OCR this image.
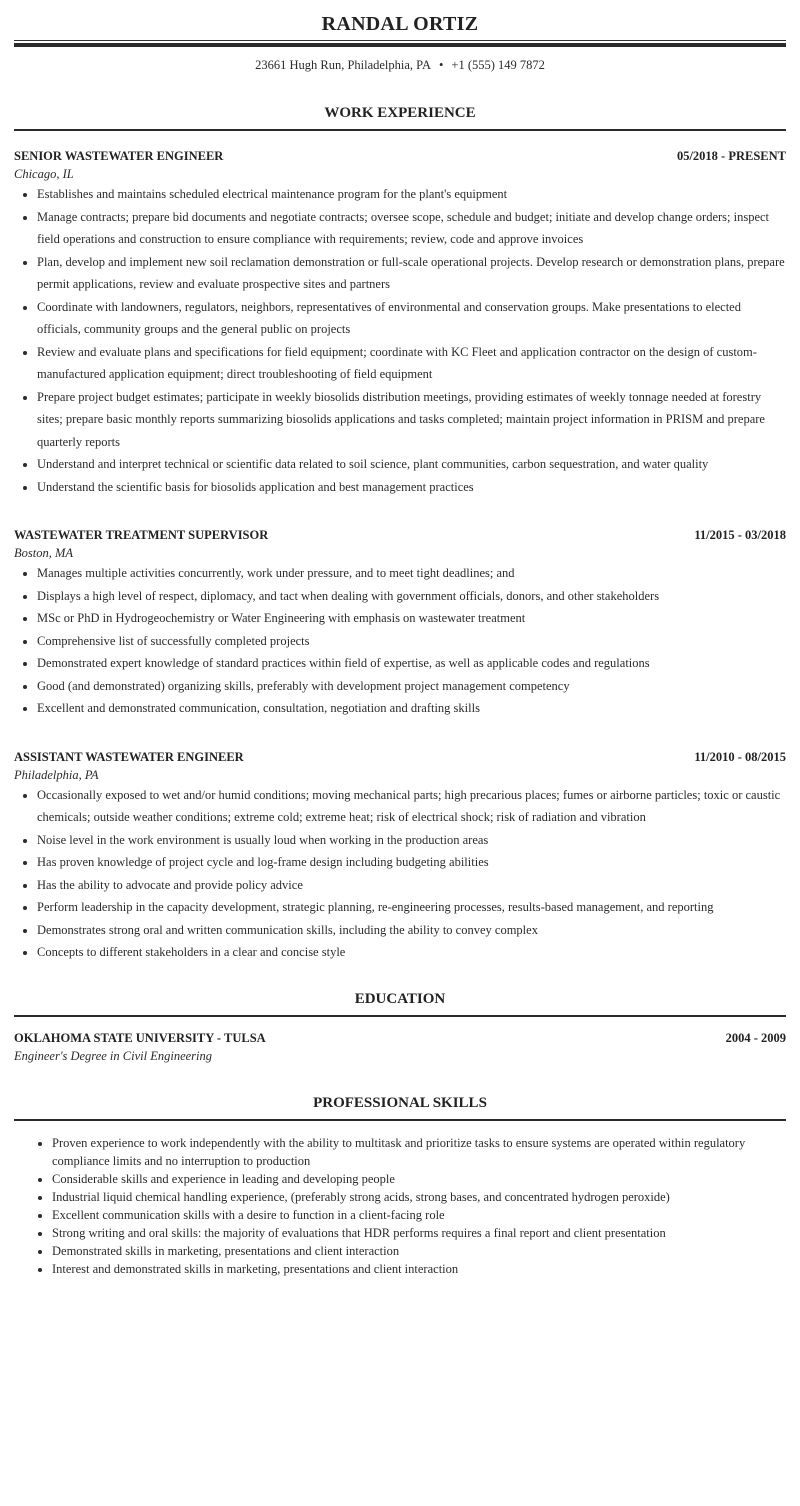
RANDAL ORTIZ
23661 Hugh Run, Philadelphia, PA • +1 (555) 149 7872
WORK EXPERIENCE
SENIOR WASTEWATER ENGINEER	05/2018 - PRESENT
Chicago, IL
• Establishes and maintains scheduled electrical maintenance program for the plant's equipment
• Manage contracts; prepare bid documents and negotiate contracts; oversee scope, schedule and budget; initiate and develop change orders; inspect field operations and construction to ensure compliance with requirements; review, code and approve invoices
• Plan, develop and implement new soil reclamation demonstration or full-scale operational projects. Develop research or demonstration plans, prepare permit applications, review and evaluate prospective sites and partners
• Coordinate with landowners, regulators, neighbors, representatives of environmental and conservation groups. Make presentations to elected officials, community groups and the general public on projects
• Review and evaluate plans and specifications for field equipment; coordinate with KC Fleet and application contractor on the design of custom-manufactured application equipment; direct troubleshooting of field equipment
• Prepare project budget estimates; participate in weekly biosolids distribution meetings, providing estimates of weekly tonnage needed at forestry sites; prepare basic monthly reports summarizing biosolids applications and tasks completed; maintain project information in PRISM and prepare quarterly reports
• Understand and interpret technical or scientific data related to soil science, plant communities, carbon sequestration, and water quality
• Understand the scientific basis for biosolids application and best management practices
WASTEWATER TREATMENT SUPERVISOR	11/2015 - 03/2018
Boston, MA
• Manages multiple activities concurrently, work under pressure, and to meet tight deadlines; and
• Displays a high level of respect, diplomacy, and tact when dealing with government officials, donors, and other stakeholders
• MSc or PhD in Hydrogeochemistry or Water Engineering with emphasis on wastewater treatment
• Comprehensive list of successfully completed projects
• Demonstrated expert knowledge of standard practices within field of expertise, as well as applicable codes and regulations
• Good (and demonstrated) organizing skills, preferably with development project management competency
• Excellent and demonstrated communication, consultation, negotiation and drafting skills
ASSISTANT WASTEWATER ENGINEER	11/2010 - 08/2015
Philadelphia, PA
• Occasionally exposed to wet and/or humid conditions; moving mechanical parts; high precarious places; fumes or airborne particles; toxic or caustic chemicals; outside weather conditions; extreme cold; extreme heat; risk of electrical shock; risk of radiation and vibration
• Noise level in the work environment is usually loud when working in the production areas
• Has proven knowledge of project cycle and log-frame design including budgeting abilities
• Has the ability to advocate and provide policy advice
• Perform leadership in the capacity development, strategic planning, re-engineering processes, results-based management, and reporting
• Demonstrates strong oral and written communication skills, including the ability to convey complex
• Concepts to different stakeholders in a clear and concise style
EDUCATION
OKLAHOMA STATE UNIVERSITY - TULSA	2004 - 2009
Engineer's Degree in Civil Engineering
PROFESSIONAL SKILLS
• Proven experience to work independently with the ability to multitask and prioritize tasks to ensure systems are operated within regulatory compliance limits and no interruption to production
• Considerable skills and experience in leading and developing people
• Industrial liquid chemical handling experience, (preferably strong acids, strong bases, and concentrated hydrogen peroxide)
• Excellent communication skills with a desire to function in a client-facing role
• Strong writing and oral skills: the majority of evaluations that HDR performs requires a final report and client presentation
• Demonstrated skills in marketing, presentations and client interaction
• Interest and demonstrated skills in marketing, presentations and client interaction
